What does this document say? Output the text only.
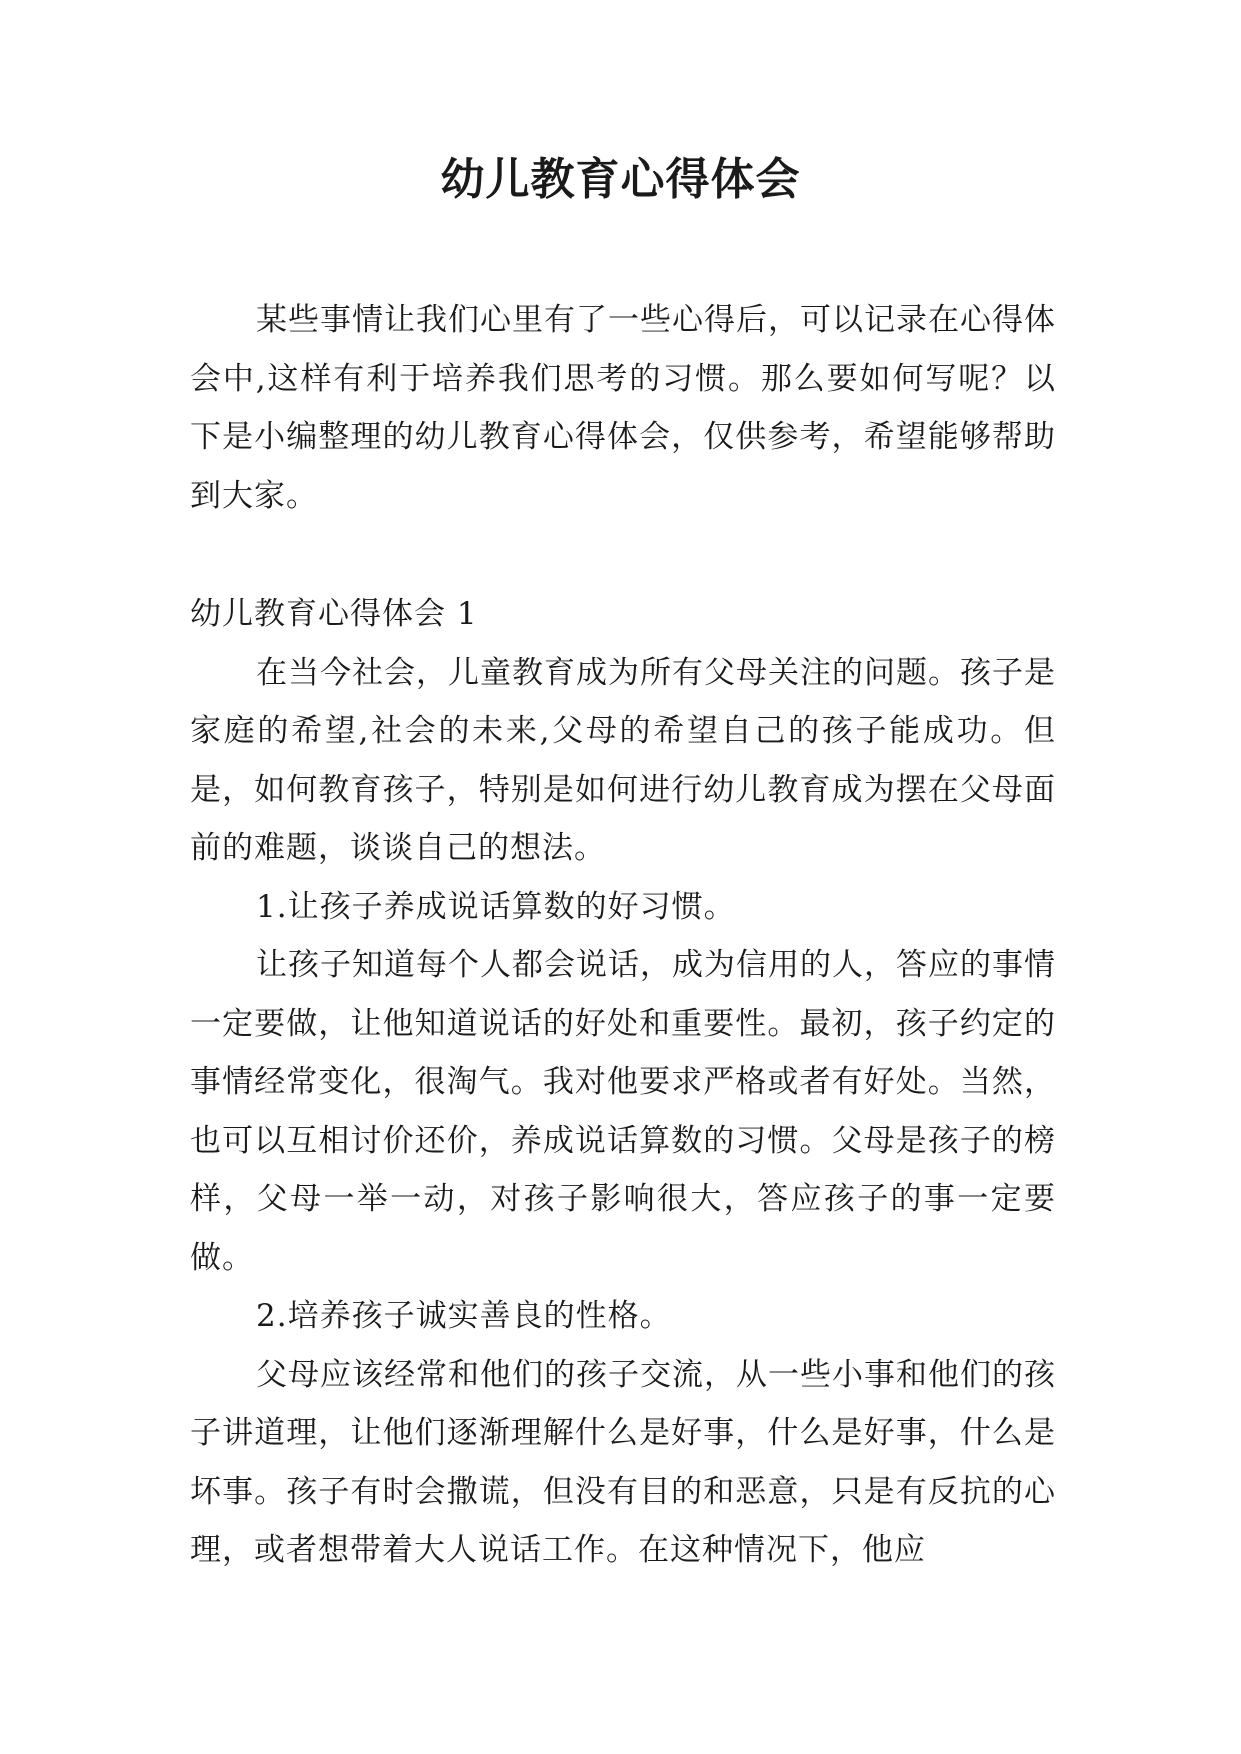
幼儿教育心得体会

某些事情让我们心里有了一些心得后，可以记录在心得体会中,这样有利于培养我们思考的习惯。那么要如何写呢？以下是小编整理的幼儿教育心得体会，仅供参考，希望能够帮助到大家。

幼儿教育心得体会 1

在当今社会，儿童教育成为所有父母关注的问题。孩子是家庭的希望,社会的未来,父母的希望自己的孩子能成功。但是，如何教育孩子，特别是如何进行幼儿教育成为摆在父母面前的难题，谈谈自己的想法。

1.让孩子养成说话算数的好习惯。

让孩子知道每个人都会说话，成为信用的人，答应的事情一定要做，让他知道说话的好处和重要性。最初，孩子约定的事情经常变化，很淘气。我对他要求严格或者有好处。当然，也可以互相讨价还价，养成说话算数的习惯。父母是孩子的榜样，父母一举一动，对孩子影响很大，答应孩子的事一定要做。

2.培养孩子诚实善良的性格。

父母应该经常和他们的孩子交流，从一些小事和他们的孩子讲道理，让他们逐渐理解什么是好事，什么是好事，什么是坏事。孩子有时会撒谎，但没有目的和恶意，只是有反抗的心理，或者想带着大人说话工作。在这种情况下，他应
